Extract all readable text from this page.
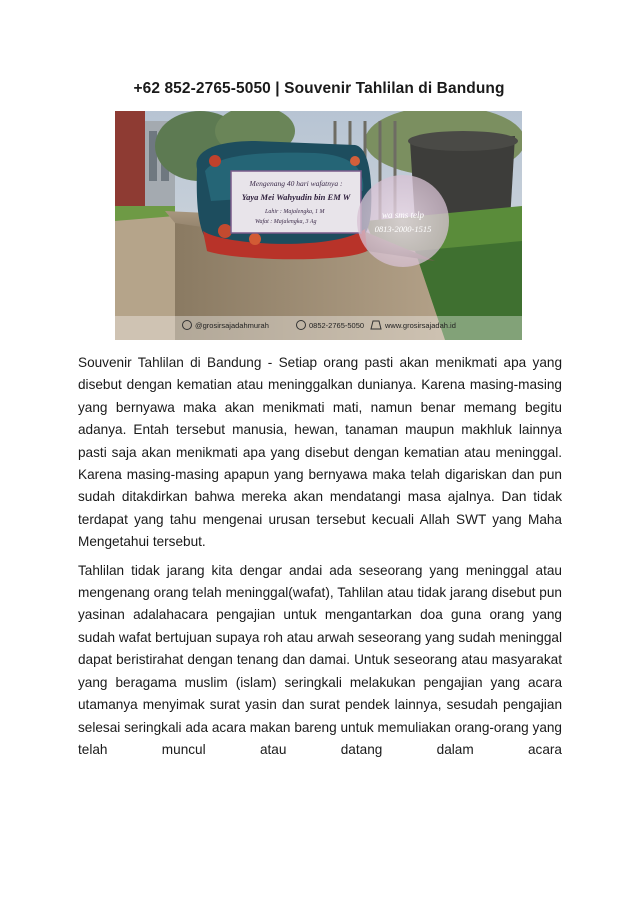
+62 852-2765-5050 | Souvenir Tahlilan di Bandung
Mengenang 40 hari wafatnya :
Yaya Mei Wahyudin bin EM W
Lahir : Majalengka, 1 M
Wafat : Majalengka, 3 Ag
wa sms telp
0813-2000-1515
@grosirsajadahmurah	0852-2765-5050	www.grosirsajadah.id

Souvenir Tahlilan di Bandung - Setiap orang pasti akan menikmati apa yang disebut dengan kematian atau meninggalkan dunianya. Karena masing-masing yang bernyawa maka akan menikmati mati, namun benar memang begitu adanya. Entah tersebut manusia, hewan, tanaman maupun makhluk lainnya pasti saja akan menikmati apa yang disebut dengan kematian atau meninggal. Karena masing-masing apapun yang bernyawa maka telah digariskan dan pun sudah ditakdirkan bahwa mereka akan mendatangi masa ajalnya. Dan tidak terdapat yang tahu mengenai urusan tersebut kecuali Allah SWT yang Maha Mengetahui tersebut.

Tahlilan tidak jarang kita dengar andai ada seseorang yang meninggal atau mengenang orang telah meninggal(wafat), Tahlilan atau tidak jarang disebut pun yasinan adalahacara pengajian untuk mengantarkan doa guna orang yang sudah wafat bertujuan supaya roh atau arwah seseorang yang sudah meninggal dapat beristirahat dengan tenang dan damai. Untuk seseorang atau masyarakat yang beragama muslim (islam) seringkali melakukan pengajian yang acara utamanya menyimak surat yasin dan surat pendek lainnya, sesudah pengajian selesai seringkali ada acara makan bareng untuk memuliakan orang-orang yang telah muncul atau datang dalam acara
